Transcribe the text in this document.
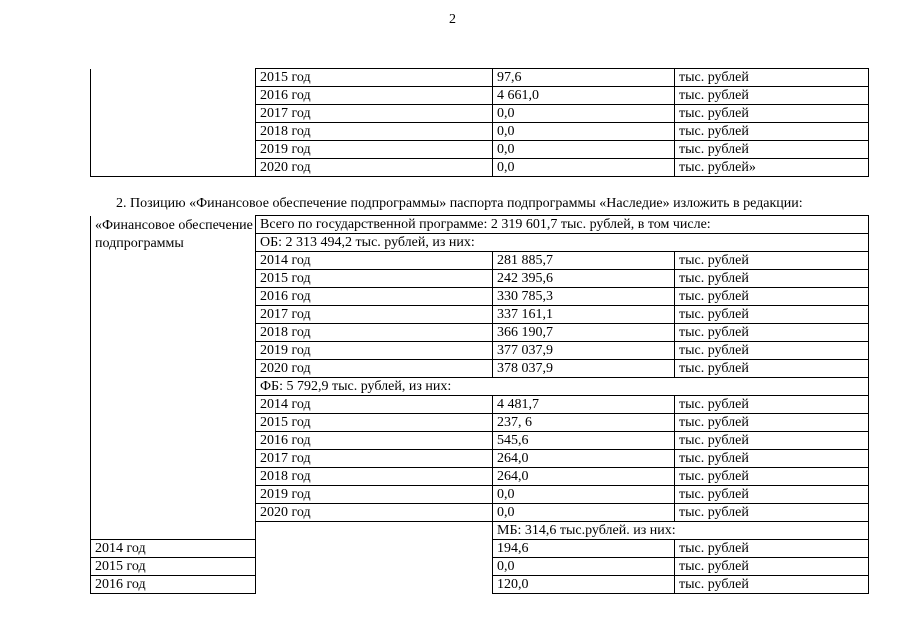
2
	2015 год	97,6	тыс. рублей
	2016 год	4 661,0	тыс. рублей
	2017 год	0,0	тыс. рублей
	2018 год	0,0	тыс. рублей
	2019 год	0,0	тыс. рублей
	2020 год	0,0	тыс. рублей»
2. Позицию «Финансовое обеспечение подпрограммы» паспорта подпрограммы «Наследие» изложить в редакции:
«Финансовое обеспечение подпрограммы	Всего по государственной программе: 2 319 601,7 тыс. рублей, в том числе:		
	ОБ: 2 313 494,2 тыс. рублей, из них:		
	2014 год	281 885,7	тыс. рублей
	2015 год	242 395,6	тыс. рублей
	2016 год	330 785,3	тыс. рублей
	2017 год	337 161,1	тыс. рублей
	2018 год	366 190,7	тыс. рублей
	2019 год	377 037,9	тыс. рублей
	2020 год	378 037,9	тыс. рублей
	ФБ: 5 792,9 тыс. рублей, из них:		
	2014 год	4 481,7	тыс. рублей
	2015 год	237, 6	тыс. рублей
	2016 год	545,6	тыс. рублей
	2017 год	264,0	тыс. рублей
	2018 год	264,0	тыс. рублей
	2019 год	0,0	тыс. рублей
	2020 год	0,0	тыс. рублей
		МБ: 314,6 тыс.рублей. из них:	
2014 год		194,6	тыс. рублей
2015 год		0,0	тыс. рублей
2016 год		120,0	тыс. рублей
